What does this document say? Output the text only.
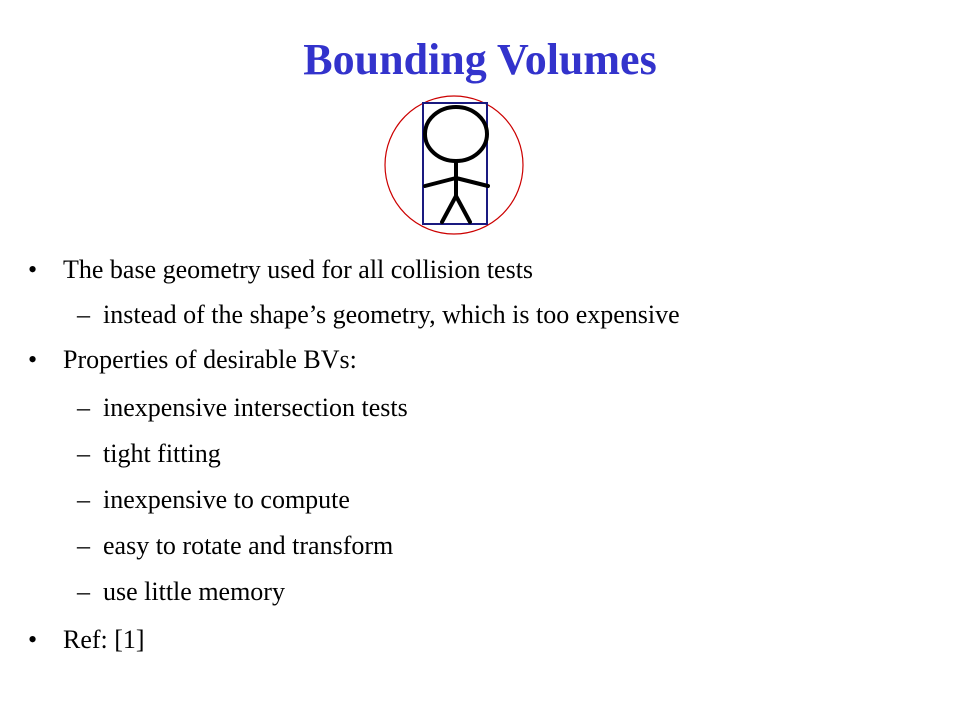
Bounding Volumes
• The base geometry used for all collision tests
– instead of the shape’s geometry, which is too expensive
• Properties of desirable BVs:
– inexpensive intersection tests
– tight fitting
– inexpensive to compute
– easy to rotate and transform
– use little memory
• Ref: [1]
